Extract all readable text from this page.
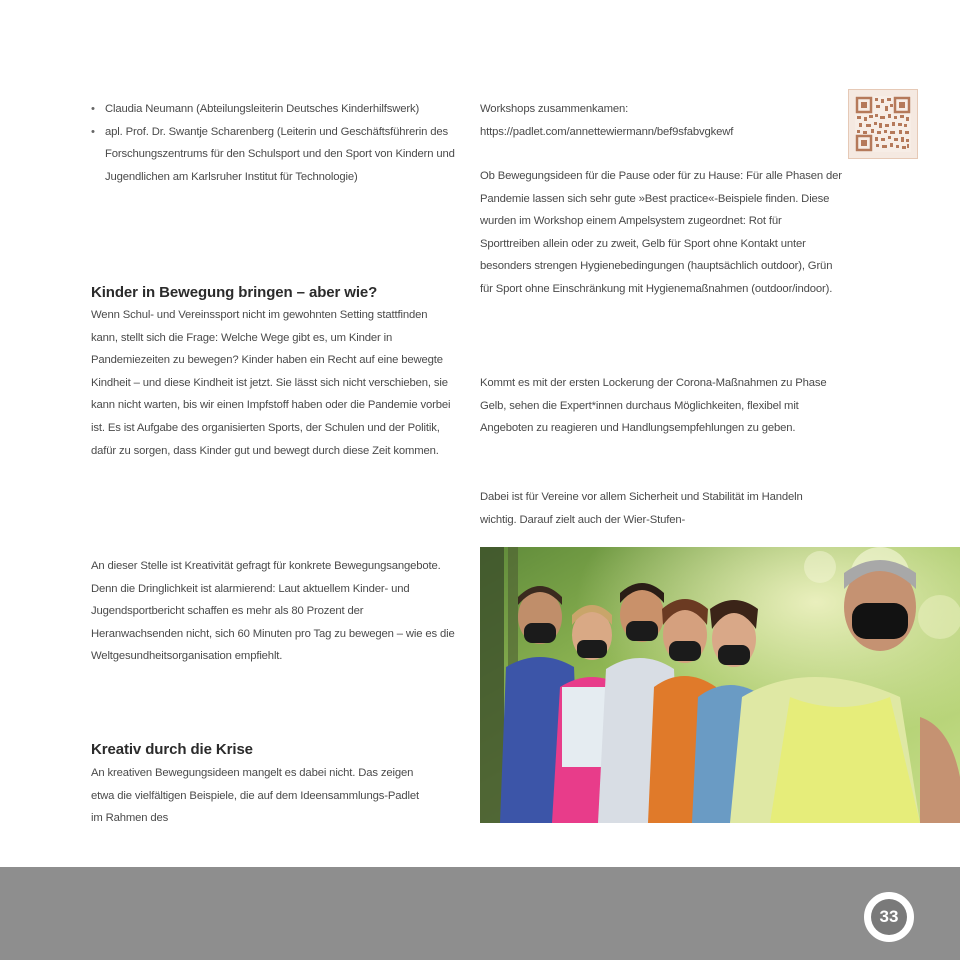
• Claudia Neumann (Abteilungsleiterin Deutsches Kinderhilfswerk)
• apl. Prof. Dr. Swantje Scharenberg (Leiterin und Geschäftsführerin des Forschungszentrums für den Schulsport und den Sport von Kindern und Jugendlichen am Karlsruher Institut für Technologie)
Kinder in Bewegung bringen – aber wie?

Wenn Schul- und Vereinssport nicht im gewohnten Setting stattfinden kann, stellt sich die Frage: Welche Wege gibt es, um Kinder in Pandemiezeiten zu bewegen? Kinder haben ein Recht auf eine bewegte Kindheit – und diese Kindheit ist jetzt. Sie lässt sich nicht verschieben, sie kann nicht warten, bis wir einen Impfstoff haben oder die Pandemie vorbei ist. Es ist Aufgabe des organisierten Sports, der Schulen und der Politik, dafür zu sorgen, dass Kinder gut und bewegt durch diese Zeit kommen.

An dieser Stelle ist Kreativität gefragt für konkrete Bewegungsangebote. Denn die Dringlichkeit ist alarmierend: Laut aktuellem Kinder- und Jugendsportbericht schaffen es mehr als 80 Prozent der Heranwachsenden nicht, sich 60 Minuten pro Tag zu bewegen – wie es die Weltgesundheitsorganisation empfiehlt.

Kreativ durch die Krise

An kreativen Bewegungsideen mangelt es dabei nicht. Das zeigen etwa die vielfältigen Beispiele, die auf dem Ideensammlungs-Padlet im Rahmen des

Workshops zusammenkamen:

https://padlet.com/annettewiermann/bef9sfabvgkewf

Ob Bewegungsideen für die Pause oder für zu Hause: Für alle Phasen der Pandemie lassen sich sehr gute »Best practice«-Beispiele finden. Diese wurden im Workshop einem Ampelsystem zugeordnet: Rot für Sporttreiben allein oder zu zweit, Gelb für Sport ohne Kontakt unter besonders strengen Hygienebedingungen (hauptsächlich outdoor), Grün für Sport ohne Einschränkung mit Hygienemaßnahmen (outdoor/indoor).

Kommt es mit der ersten Lockerung der Corona-Maßnahmen zu Phase Gelb, sehen die Expert*innen durchaus Möglichkeiten, flexibel mit Angeboten zu reagieren und Handlungsempfehlungen zu geben.

Dabei ist für Vereine vor allem Sicherheit und Stabilität im Handeln wichtig. Darauf zielt auch der Wier-Stufen-

33
